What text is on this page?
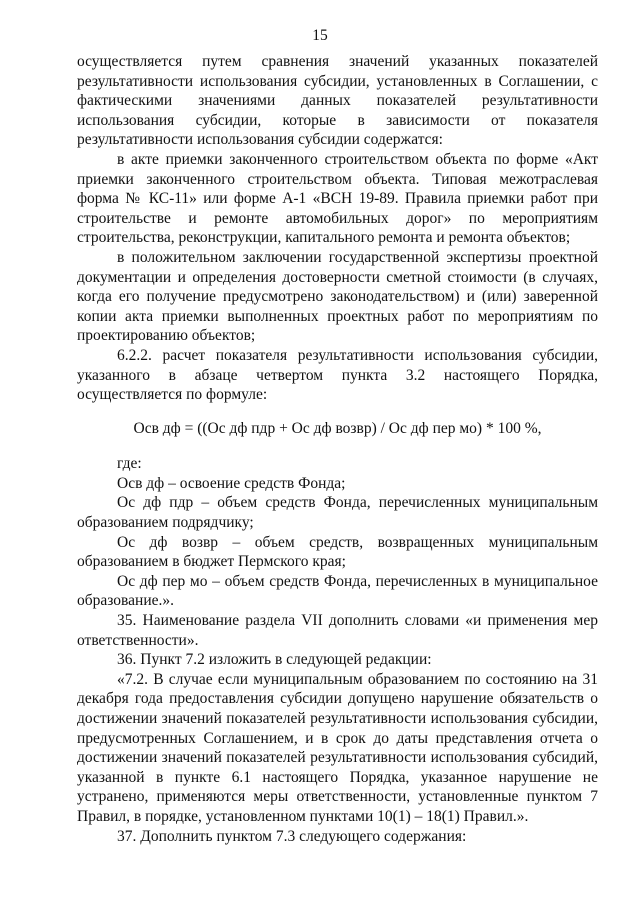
15

осуществляется путем сравнения значений указанных показателей результативности использования субсидии, установленных в Соглашении, с фактическими значениями данных показателей результативности использования субсидии, которые в зависимости от показателя результативности использования субсидии содержатся:

в акте приемки законченного строительством объекта по форме «Акт приемки законченного строительством объекта. Типовая межотраслевая форма № КС-11» или форме А-1 «ВСН 19-89. Правила приемки работ при строительстве и ремонте автомобильных дорог» по мероприятиям строительства, реконструкции, капитального ремонта и ремонта объектов;

в положительном заключении государственной экспертизы проектной документации и определения достоверности сметной стоимости (в случаях, когда его получение предусмотрено законодательством) и (или) заверенной копии акта приемки выполненных проектных работ по мероприятиям по проектированию объектов;

6.2.2. расчет показателя результативности использования субсидии, указанного в абзаце четвертом пункта 3.2 настоящего Порядка, осуществляется по формуле:

Осв дф = ((Ос дф пдр + Ос дф возвр) / Ос дф пер мо) * 100 %,

где:

Осв дф – освоение средств Фонда;

Ос дф пдр – объем средств Фонда, перечисленных муниципальным образованием подрядчику;

Ос дф возвр – объем средств, возвращенных муниципальным образованием в бюджет Пермского края;

Ос дф пер мо – объем средств Фонда, перечисленных в муниципальное образование.».

35. Наименование раздела VII дополнить словами «и применения мер ответственности».

36. Пункт 7.2 изложить в следующей редакции:

«7.2. В случае если муниципальным образованием по состоянию на 31 декабря года предоставления субсидии допущено нарушение обязательств о достижении значений показателей результативности использования субсидии, предусмотренных Соглашением, и в срок до даты представления отчета о достижении значений показателей результативности использования субсидий, указанной в пункте 6.1 настоящего Порядка, указанное нарушение не устранено, применяются меры ответственности, установленные пунктом 7 Правил, в порядке, установленном пунктами 10(1) – 18(1) Правил.».

37. Дополнить пунктом 7.3 следующего содержания:
